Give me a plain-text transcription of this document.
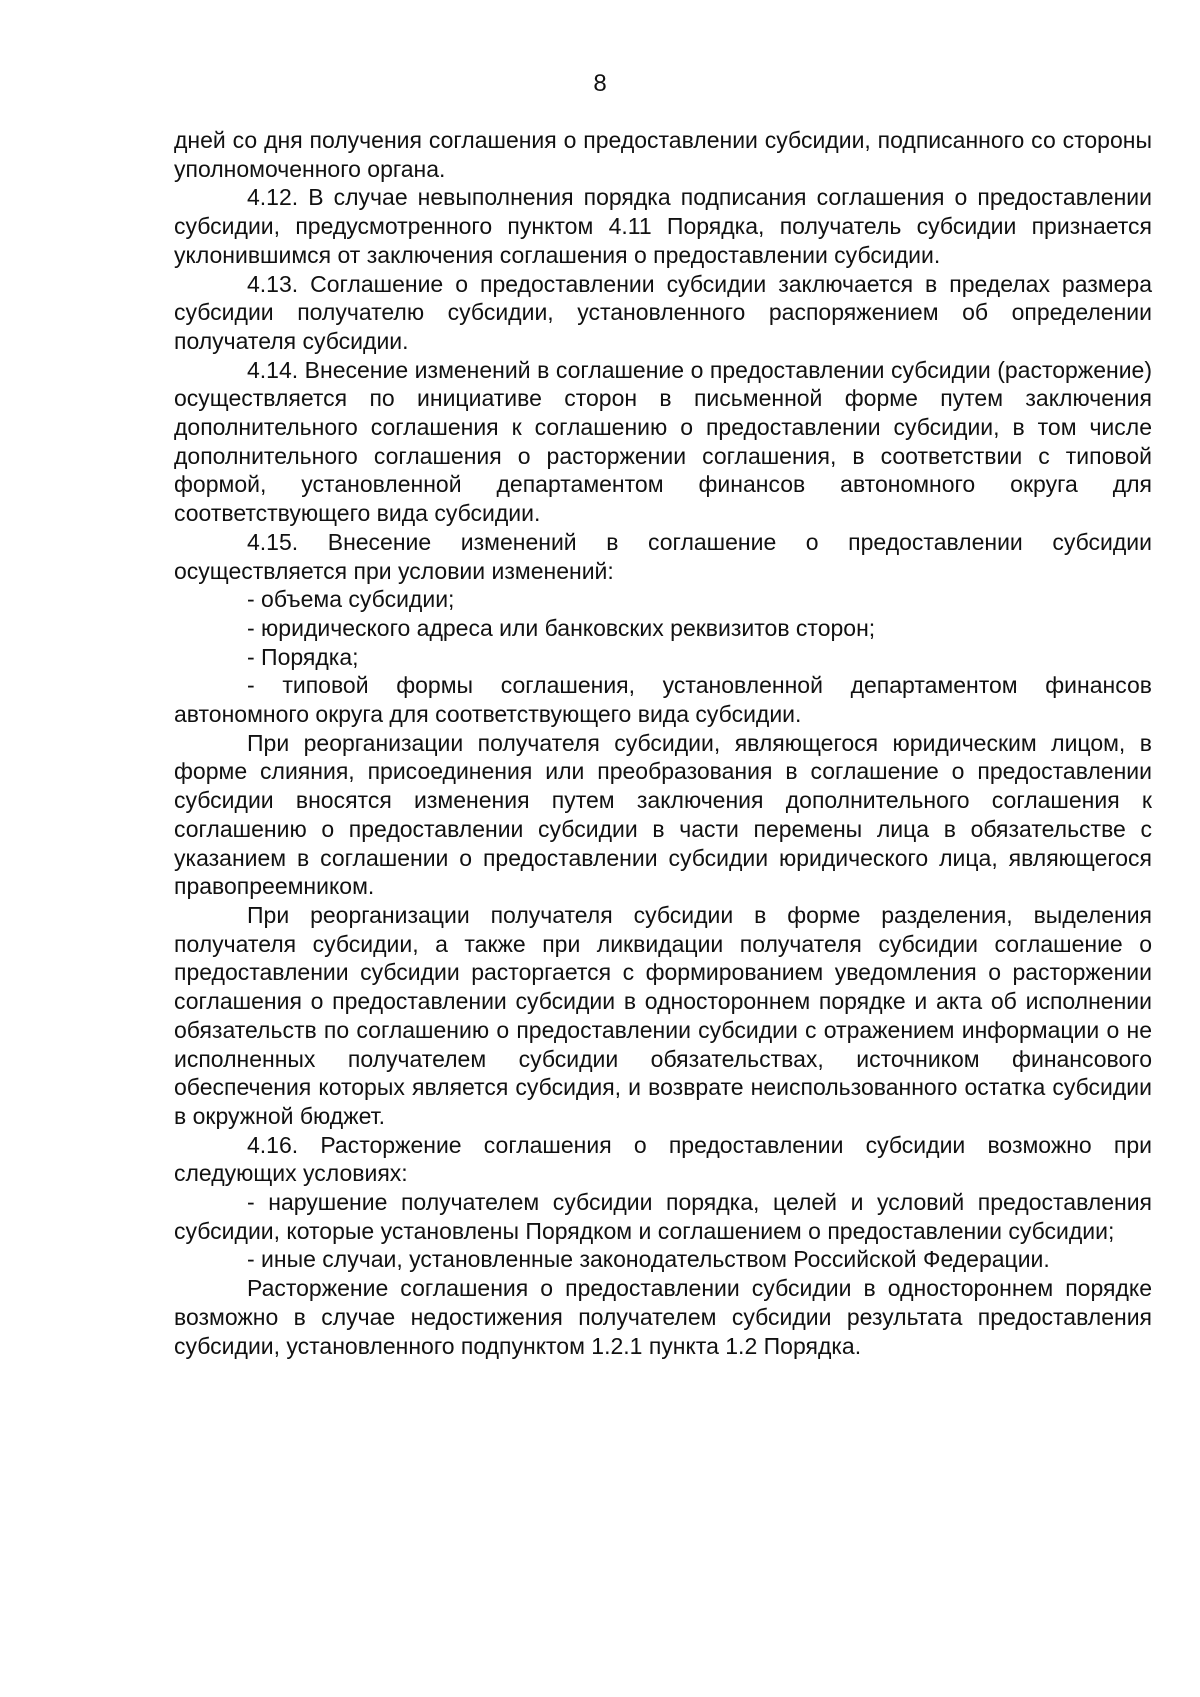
8

дней со дня получения соглашения о предоставлении субсидии, подписанного со стороны уполномоченного органа.

4.12. В случае невыполнения порядка подписания соглашения о предоставлении субсидии, предусмотренного пунктом 4.11 Порядка, получатель субсидии признается уклонившимся от заключения соглашения о предоставлении субсидии.

4.13. Соглашение о предоставлении субсидии заключается в пределах размера субсидии получателю субсидии, установленного распоряжением об определении получателя субсидии.

4.14. Внесение изменений в соглашение о предоставлении субсидии (расторжение) осуществляется по инициативе сторон в письменной форме путем заключения дополнительного соглашения к соглашению о предоставлении субсидии, в том числе дополнительного соглашения о расторжении соглашения, в соответствии с типовой формой, установленной департаментом финансов автономного округа для соответствующего вида субсидии.

4.15. Внесение изменений в соглашение о предоставлении субсидии осуществляется при условии изменений:

- объема субсидии;

- юридического адреса или банковских реквизитов сторон;

- Порядка;

- типовой формы соглашения, установленной департаментом финансов автономного округа для соответствующего вида субсидии.

При реорганизации получателя субсидии, являющегося юридическим лицом, в форме слияния, присоединения или преобразования в соглашение о предоставлении субсидии вносятся изменения путем заключения дополнительного соглашения к соглашению о предоставлении субсидии в части перемены лица в обязательстве с указанием в соглашении о предоставлении субсидии юридического лица, являющегося правопреемником.

При реорганизации получателя субсидии в форме разделения, выделения получателя субсидии, а также при ликвидации получателя субсидии соглашение о предоставлении субсидии расторгается с формированием уведомления о расторжении соглашения о предоставлении субсидии в одностороннем порядке и акта об исполнении обязательств по соглашению о предоставлении субсидии с отражением информации о не исполненных получателем субсидии обязательствах, источником финансового обеспечения которых является субсидия, и возврате неиспользованного остатка субсидии в окружной бюджет.

4.16. Расторжение соглашения о предоставлении субсидии возможно при следующих условиях:

- нарушение получателем субсидии порядка, целей и условий предоставления субсидии, которые установлены Порядком и соглашением о предоставлении субсидии;

- иные случаи, установленные законодательством Российской Федерации.

Расторжение соглашения о предоставлении субсидии в одностороннем порядке возможно в случае недостижения получателем субсидии результата предоставления субсидии, установленного подпунктом 1.2.1 пункта 1.2 Порядка.
